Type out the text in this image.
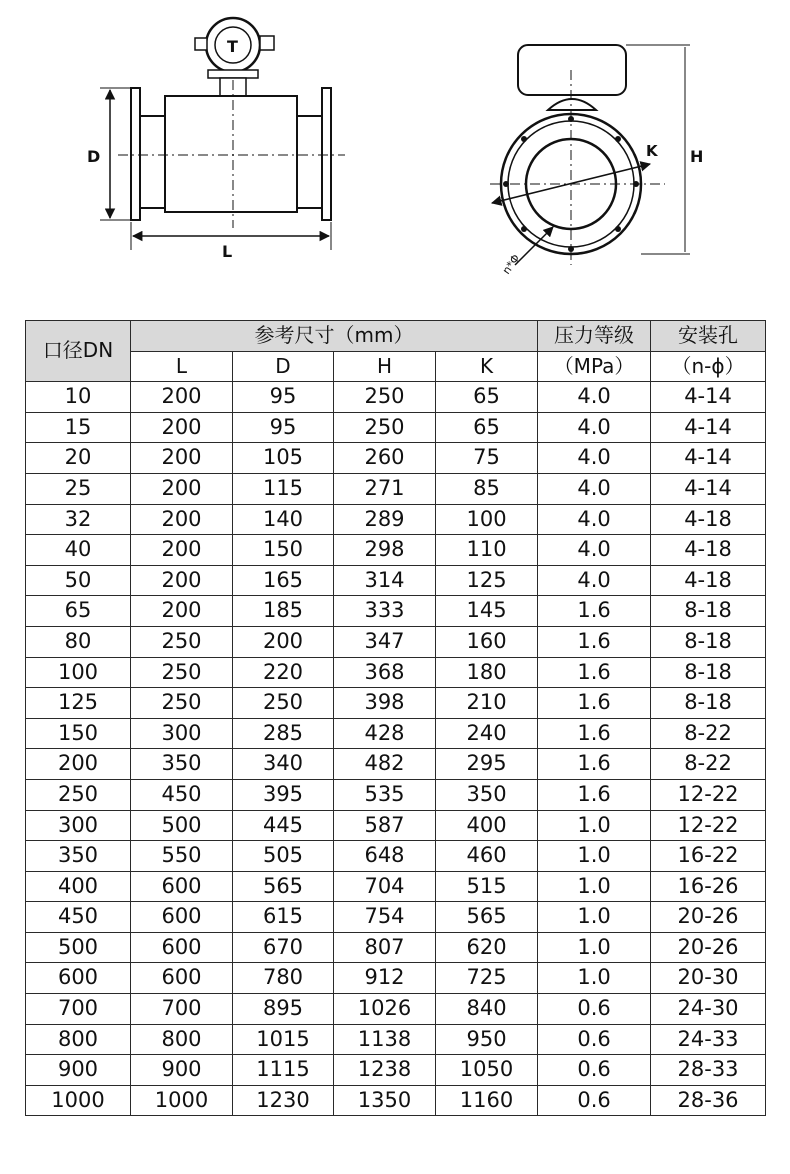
D
L
T
H
K
n*Φ
口径DN	参考尺寸（mm）				压力等级	安装孔
	L	D	H	K	（MPa）	（n-ϕ）
10	200	95	250	65	4.0	4-14
15	200	95	250	65	4.0	4-14
20	200	105	260	75	4.0	4-14
25	200	115	271	85	4.0	4-14
32	200	140	289	100	4.0	4-18
40	200	150	298	110	4.0	4-18
50	200	165	314	125	4.0	4-18
65	200	185	333	145	1.6	8-18
80	250	200	347	160	1.6	8-18
100	250	220	368	180	1.6	8-18
125	250	250	398	210	1.6	8-18
150	300	285	428	240	1.6	8-22
200	350	340	482	295	1.6	8-22
250	450	395	535	350	1.6	12-22
300	500	445	587	400	1.0	12-22
350	550	505	648	460	1.0	16-22
400	600	565	704	515	1.0	16-26
450	600	615	754	565	1.0	20-26
500	600	670	807	620	1.0	20-26
600	600	780	912	725	1.0	20-30
700	700	895	1026	840	0.6	24-30
800	800	1015	1138	950	0.6	24-33
900	900	1115	1238	1050	0.6	28-33
1000	1000	1230	1350	1160	0.6	28-36
